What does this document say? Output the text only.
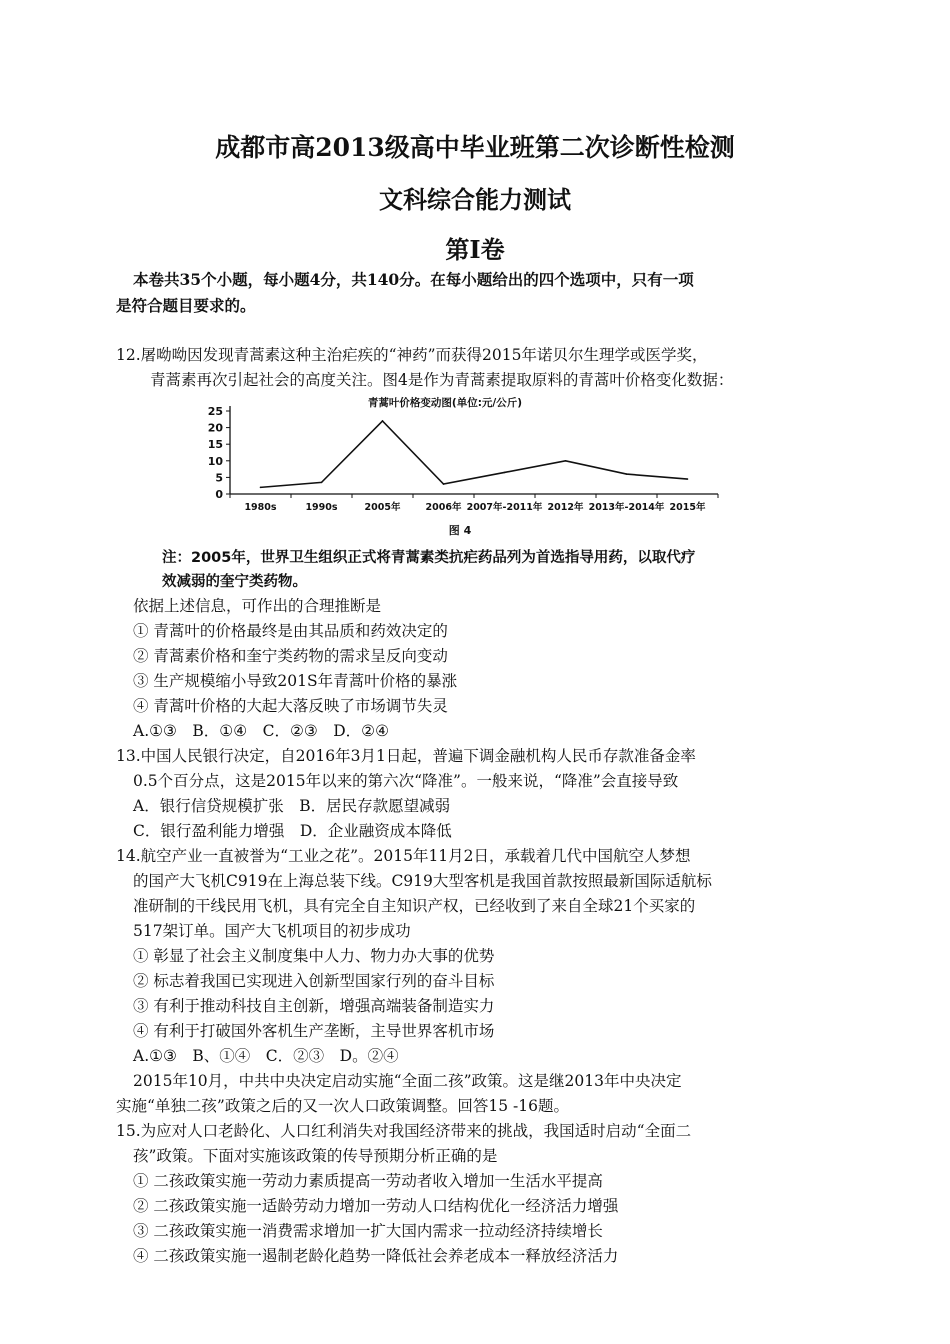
成都市高2013级高中毕业班第二次诊断性检测
文科综合能力测试
第I卷
本卷共35个小题，每小题4分，共140分。在每小题给出的四个选项中，只有一项
是符合题目要求的。
12.屠呦呦因发现青蒿素这种主治疟疾的“神药”而获得2015年诺贝尔生理学或医学奖，
青蒿素再次引起社会的高度关注。图4是作为青蒿素提取原料的青蒿叶价格变化数据：
青蒿叶价格变动图(单位:元/公斤)
0
5
10
15
20
25
1980s	1990s	2005年	2006年 2007年-2011年 2012年 2013年-2014年 2015年
图 4
注：2005年，世界卫生组织正式将青蒿素类抗疟药品列为首选指导用药，以取代疗
效减弱的奎宁类药物。
依据上述信息，可作出的合理推断是
① 青蒿叶的价格最终是由其品质和药效决定的
② 青蒿素价格和奎宁类药物的需求呈反向变动
③ 生产规模缩小导致201S年青蒿叶价格的暴涨
④ 青蒿叶价格的大起大落反映了市场调节失灵
A.①③　B．①④　C．②③　D．②④
13.中国人民银行决定，自2016年3月1日起，普遍下调金融机构人民币存款准备金率
0.5个百分点，这是2015年以来的第六次“降准”。一般来说，“降准”会直接导致
A．银行信贷规模扩张　B．居民存款愿望减弱
C．银行盈利能力增强　D．企业融资成本降低
14.航空产业一直被誉为“工业之花”。2015年11月2日，承载着几代中国航空人梦想
的国产大飞机C919在上海总装下线。C919大型客机是我国首款按照最新国际适航标
准研制的干线民用飞机，具有完全自主知识产权，已经收到了来自全球21个买家的
517架订单。国产大飞机项目的初步成功
① 彰显了社会主义制度集中人力、物力办大事的优势
② 标志着我国已实现进入创新型国家行列的奋斗目标
③ 有利于推动科技自主创新，增强高端装备制造实力
④ 有利于打破国外客机生产垄断，主导世界客机市场
A.①③　B、①④　C．②③　D。②④
2015年10月，中共中央决定启动实施“全面二孩”政策。这是继2013年中央决定
实施“单独二孩”政策之后的又一次人口政策调整。回答15 -16题。
15.为应对人口老龄化、人口红利消失对我国经济带来的挑战，我国适时启动“全面二
孩”政策。下面对实施该政策的传导预期分析正确的是
① 二孩政策实施一劳动力素质提高一劳动者收入增加一生活水平提高
② 二孩政策实施一适龄劳动力增加一劳动人口结构优化一经济活力增强
③ 二孩政策实施一消费需求增加一扩大国内需求一拉动经济持续增长
④ 二孩政策实施一遏制老龄化趋势一降低社会养老成本一释放经济活力
